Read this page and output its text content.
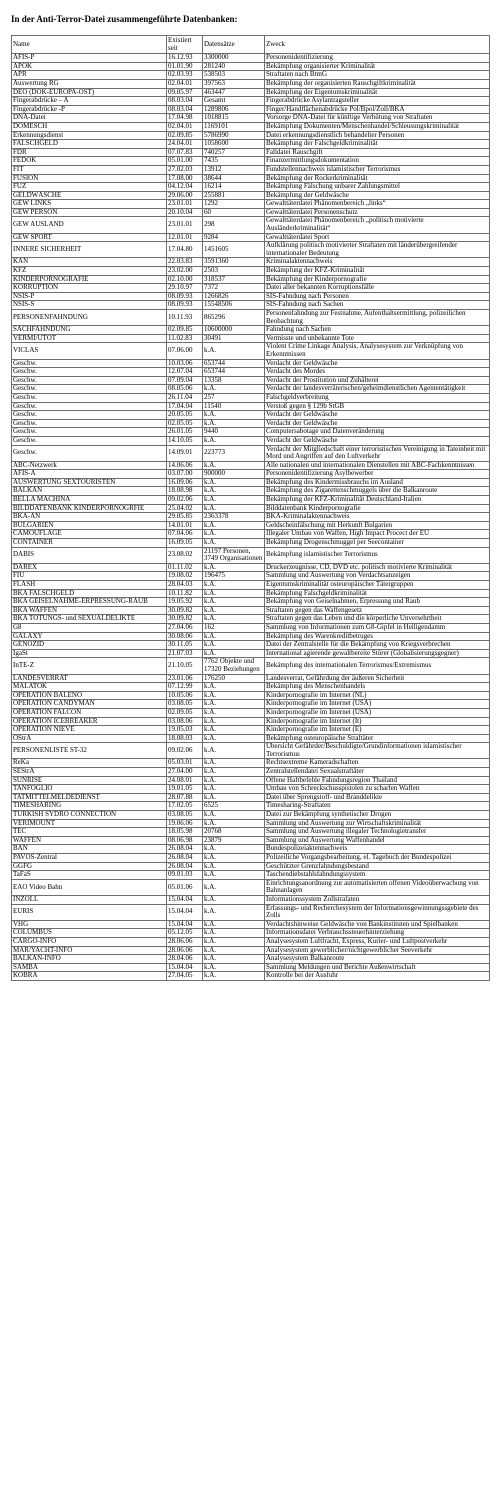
In der Anti-Terror-Datei zusammengeführte Datenbanken:
Name	Existiert seit	Datensätze	Zweck
AFIS-P	16.12.93	3300000	Personenidentifizierung
APOK	01.01.90	281240	Bekämpfung organisierter Kriminalität
APR	02.03.93	538503	Straftaten nach BtmG
Auswertung RG	02.04.01	397563	Bekämpfung der organisierten Rauschgiftkriminalität
DEO (DOK-EUROPA-OST)	09.05.97	463447	Bekämpfung der Eigentumskriminalität
Fingerabdrücke – A	08.03.04	Gesamt	Fingerabdrücke Asylantragsteller
Fingerabdrücke -P	08.03.04	1289806	Finger/Handflächenabdrücke Pol/Bpol/Zoll/BKA
DNA-Datei	17.04.98	1018815	Vorsorge DNA-Datei für künftige Verhütung von Straftaten
DOMESCH	02.04.01	1169101	Bekämpfung Dokumenten/Menschenhandel/Schleusungskriminalität
Erkennungsdienst	02.09.85	5786990	Datei erkennungsdienstlich behandelter Personen
FALSCHGELD	24.04.01	1058600	Bekämpfung der Falschgeldkriminalität
FDR	07.07.83	740257	Falldatei Rauschgift
FEDOK	05.01.00	7435	Finanzermittlungsdokumentation
FIT	27.02.03	13912	Fundstellennachweis islamistischer Terrorismus
FUSION	17.08.00	38644	Bekämpfung der Rockerkriminalität
FUZ	04.12.04	16214	Bekämpfung Fälschung unbarer Zahlungsmittel
GELDWÄSCHE	29.06.00	255881	Bekämpfung der Geldwäsche
GEW LINKS	23.01.01	1292	Gewalttäterdatei Phänomenbereich „links“
GEW PERSON	20.10.04	60	Gewalttäterdatei Personenschutz
GEW AUSLAND	23.01.01	298	Gewalttäterdatei Phänomenbereich „politisch motivierte Ausländerkriminalität“
GEW SPORT	12.01.01	9284	Gewalttäterdatei Sport
INNERE SICHERHEIT	17.04.80	1451605	Aufklärung politisch motivierter Straftaten mit länderübergreifender internationaler Bedeutung
KAN	22.03.83	3591360	Kriminalaktennachweis
KFZ	23.02.00	2503	Bekämpfung der KFZ-Kriminalität
KINDERPORNOGRAFIE	02.10.00	318537	Bekämpfung der Kinderpornografie
KORRUPTION	29.10.97	7372	Datei aller bekannten Korruptionsfälle
NSIS-P	08.09.93	1266826	SIS-Fahndung nach Personen
NSIS-S	08.09.93	15548506	SIS-Fahndung nach Sachen
PERSONENFAHNDUNG	10.11.93	865296	Personenfahndung zur Festnahme, Aufenthaltsermittlung, polizeilichen Beobachtung
SACHFAHNDUNG	02.09.85	10600000	Fahndung nach Sachen
VERMI/UTOT	11.02.83	30491	Vermisste und unbekannte Tote
VICLAS	07.06.00	k.A.	Violent Crime Linkage Analysis, Analysesystem zur Verknüpfung von Erkenntnissen
Geschw.	10.03.06	653744	Verdacht der Geldwäsche
Geschw.	12.07.04	653744	Verdacht des Mordes
Geschw.	07.09.04	13358	Verdacht der Prostitution und Zuhälterei
Geschw.	08.05.06	k.A.	Verdacht der landesverräterischen/geheimdienstlichen Agententätigkeit
Geschw.	26.11.04	257	Falschgeldverbreitung
Geschw.	17.04.04	11540	Verstoß gegen § 129b StGB
Geschw.	20.05.05	k.A.	Verdacht der Geldwäsche
Geschw.	02.05.05	k.A.	Verdacht der Geldwäsche
Geschw.	26.01.05	9440	Computersabotage und Datenveränderung
Geschw.	14.10.05	k.A.	Verdacht der Geldwäsche
Geschw.	14.09.01	223773	Verdacht der Mitgliedschaft einer terroristischen Vereinigung in Tateinheit mit Mord und Angriffen auf den Luftverkehr
ABC-Netzwerk	14.06.06	k.A.	Alle nationalen und internationalen Dienstellen mit ABC-Fachkenntnissen
AFIS-A	03.07.00	900000	Personenidentifizierung Asylbewerber
AUSWERTUNG SEXTOURISTEN	16.09.06	k.A.	Bekämpfung des Kindermissbrauchs im Ausland
BALKAN	18.08.98	k.A.	Bekämpfung des Zigarettenschmuggels über die Balkanroute
BELLA MACHINA	09.02.06	k.A.	Bekämpfung der KFZ-Kriminalität Deutschland-Italien
BILDDATENBANK KINDERPORNOGRFIE	25.04.02	k.A.	Bilddatenbank Kinderpornografie
BKA-AN	29.05.85	2363378	BKA-Kriminalaktennachweis
BULGARIEN	14.01.01	k.A.	Geldscheinfälschung mit Herkunft Bulgarien
CAMOUFLAGE	07.04.06	k.A.	Illegaler Umbau von Waffen, High Impact Procect der EU
CONTAINER	16.09.05	k.A.	Bekämpfung Drogenschmuggel per Seecontainer
DABIS	23.08.02	21197 Personen, 3749 Organisationen	Bekämpfung islamistischer Terrorismus
DAREX	01.11.02	k.A.	Druckerzeugnisse, CD, DVD etc. politisch motivierte Kriminalität
FIU	19.08.02	196475	Sammlung und Auswertung von Verdachtsanzeigen
FLASH	28.04.03	k.A.	Eigentumskriminalität osteuropäischer Tätergruppen
BKA FALSCHGELD	10.11.82	k.A.	Bekämpfung Falschgeldkriminalität
BKA GEISELNAHME-ERPRESSUNG-RAUB	19.05.92	k.A.	Bekämpfung von Geiselnahmen, Erpressung und Raub
BKA WAFFEN	30.09.82	k.A.	Straftaten gegen das Waffengesetz
BKA TÖTUNGS- und SEXUALDELIKTE	30.09.82	k.A.	Straftaten gegen das Leben und die körperliche Unversehrtheit
G8	27.04.06	162	Sammlung von Informationen zum G8-Gipfel in Heiligendamm
GALAXY	30.08.06	k.A.	Bekämpfung des Warenkreditbetruges
GENOZID	30.11.05	k.A.	Datei der Zentralstelle für die Bekämpfung von Kriegsverbrechen
IgaSt	21.07.03	k.A.	International agierende gewaltbereite Störer (Globalisierungsgegner)
InTE-Z	21.10.05	7762 Objekte und 17320 Beziehungen	Bekämpfung des internationalen Terrorismus/Extremismus
LANDESVERRAT	23.01.06	176250	Landesverrat, Gefährdung der äußeren Sicherheit
MALATOK	07.12.99	k.A.	Bekämpfung des Menschenhandels
OPERATION BALENO	10.05.06	k.A.	Kinderpornografie im Internet (NL)
OPERATION CANDYMAN	03.08.05	k.A.	Kinderpornografie im Internet (USA)
OPERATION FALCON	02.09.05	k.A.	Kinderpornografie im Internet (USA)
OPERATION ICEBREAKER	03.08.06	k.A.	Kinderpornografie im Internet (It)
OPERATION NIEVE	19.05.03	k.A.	Kinderpornografie im Internet (E)
OStrA	18.08.03	k.A.	Bekämpfung osteuropäische Straftäter
PERSONENLISTE ST-32	09.02.06	k.A.	Übersicht Gefährder/Beschuldigte/Grundinformationen islamistischer Terrorismus
ReKa	05.03.01	k.A.	Rechtsextreme Kameradschaften
SEStrA	27.04.00	k.A.	Zentralstellendatei Sexualstraftäter
SUNRISE	24.08.01	k.A.	Offene Haftbefehle Fahndungsregion Thailand
TANFOGLIO	19.01.05	k.A.	Umbau von Schreckschusspistolen zu scharfen Waffen
TATMITTELMELDEDIENST	28.07.88	k.A.	Datei über Sprengstoff- und Branddelikte
TIMESHARING	17.02.05	6525	Timesharing-Straftaten
TURKISH SYDRO CONNECTION	03.08.05	k.A.	Datei zur Bekämpfung synthetischer Drogen
VERIMOUNT	19.06.06	k.A.	Sammlung und Auswertung zur Wirtschaftskriminalität
TEC	18.05.98	20768	Sammlung und Auswertung illegaler Technologietransfer
WAFFEN	08.06.98	23879	Sammlung und Auswertung Waffenhandel
BAN	26.08.04	k.A.	Bundespolizeiaktennachweis
PAVOS-Zentral	26.08.04	k.A.	Polizeiliche Vorgangsbearbeitung, el. Tagebuch der Bundespolizei
GGFG	26.08.04	k.A.	Geschützter Grenzfahndungsbestand
TaFaS	09.01.03	k.A.	Taschendiebstahlsfahndungssystem
EAO Video Bahn	05.01.06	k.A.	Einrichtungsanordnung zur automatisierten offenen Videoüberwachung von Bahnanlagen
INZOLL	15.04.04	k.A.	Informationssystem Zollstrafaten
EURIS	15.04.04	k.A.	Erfassungs- und Recherchesystem der Informationsgewinnungssgebiete des Zolls
VHG	15.04.04	k.A.	Verdachtshinweise Geldwäsche von Bankinstituten und Spielbanken
COLUMBUS	05.12.05	k.A.	Informationsdatei Verbrauchssteuerhinterziehung
CARGO-INFO	28.06.06	k.A.	Analysesystem Luftfracht, Express, Kurier- und Luftpostverkehr
MAR/YACHT-INFO	28.06.06	k.A.	Analysesystem gewerblicher/nichtgewerblicher Seeverkehr
BALKAN-INFO	28.04.06	k.A.	Analysesystem Balkanroute
SAMBA	15.04.04	k.A.	Sammlung Meldungen und Berichte Außenwirtschaft
KOBRA	27.04.05	k.A.	Kontrolle bei der Ausfuhr
